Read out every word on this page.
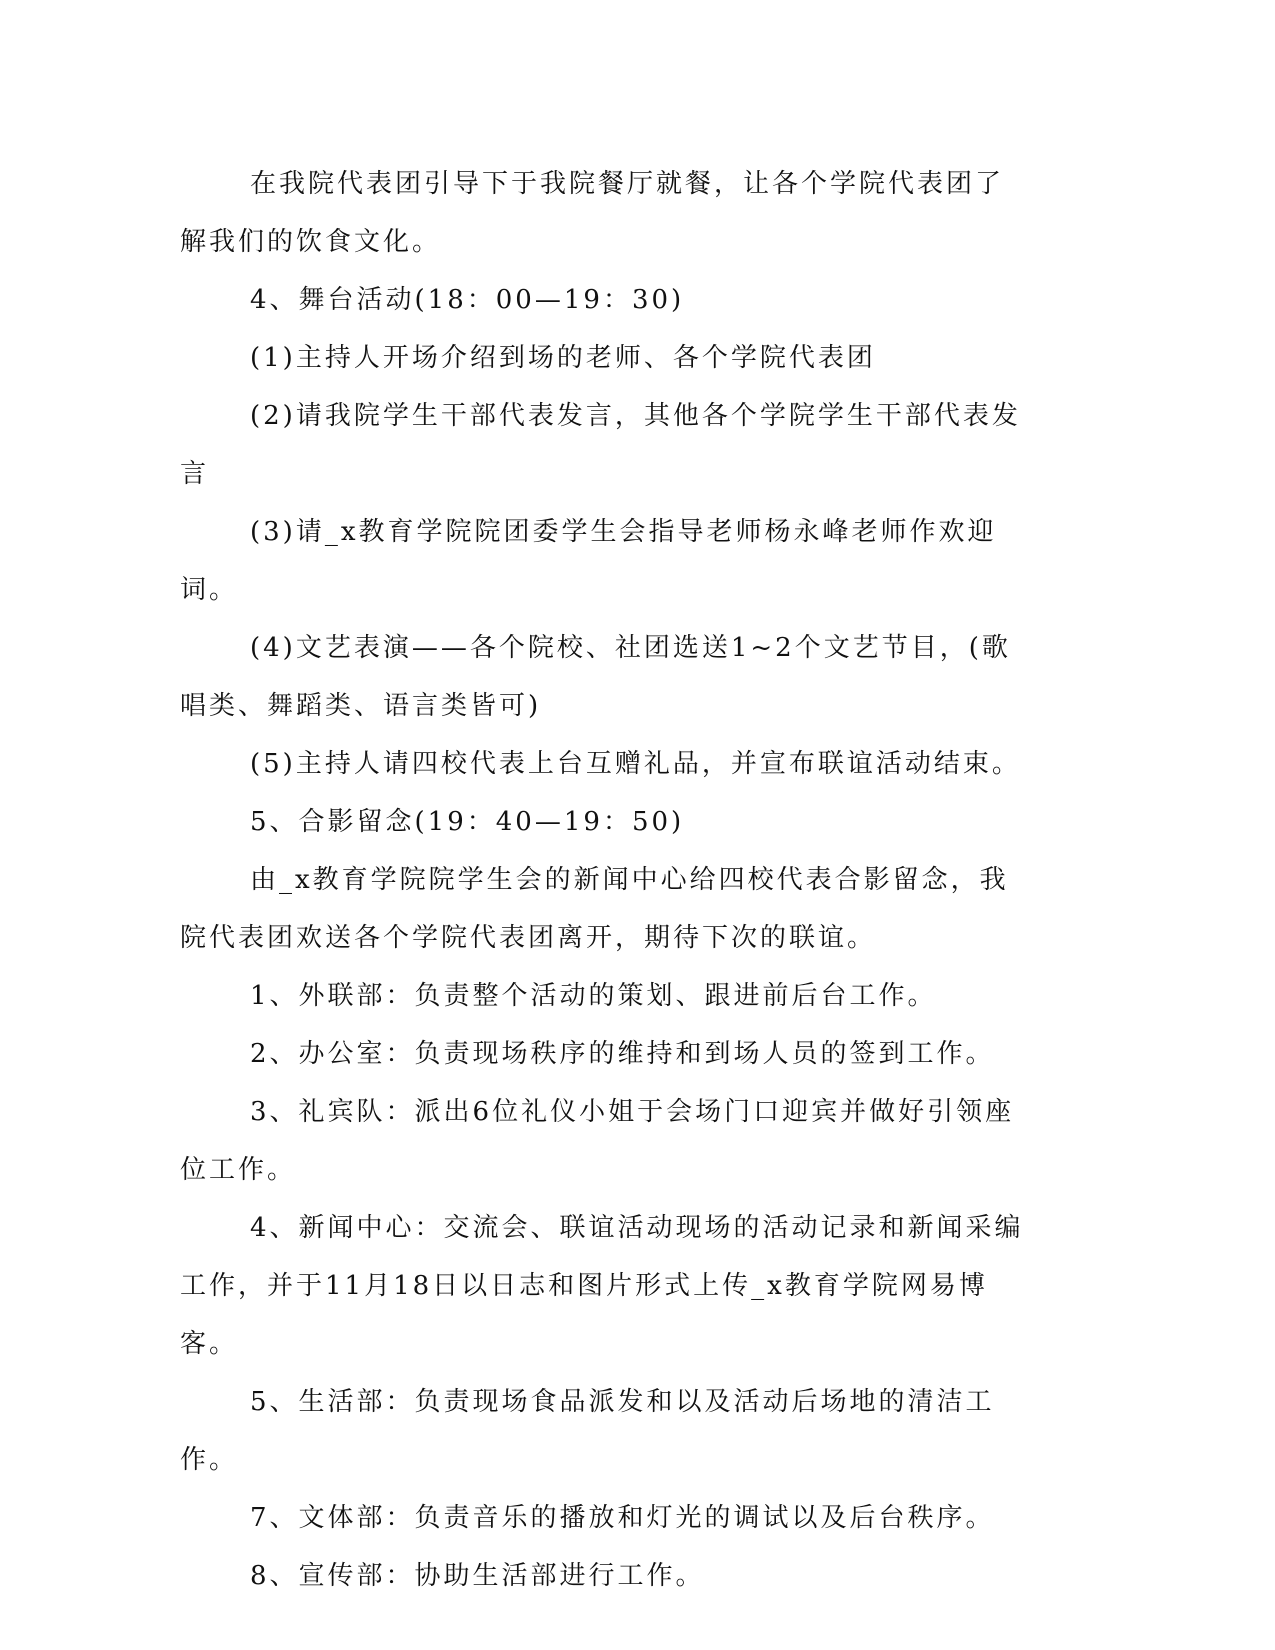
在我院代表团引导下于我院餐厅就餐，让各个学院代表团了解我们的饮食文化。

4、舞台活动(18：00—19：30)

(1)主持人开场介绍到场的老师、各个学院代表团

(2)请我院学生干部代表发言，其他各个学院学生干部代表发言

(3)请_x教育学院院团委学生会指导老师杨永峰老师作欢迎词。

(4)文艺表演——各个院校、社团选送1~2个文艺节目，(歌唱类、舞蹈类、语言类皆可)

(5)主持人请四校代表上台互赠礼品，并宣布联谊活动结束。

5、合影留念(19：40—19：50)

由_x教育学院院学生会的新闻中心给四校代表合影留念，我院代表团欢送各个学院代表团离开，期待下次的联谊。

1、外联部：负责整个活动的策划、跟进前后台工作。

2、办公室：负责现场秩序的维持和到场人员的签到工作。

3、礼宾队：派出6位礼仪小姐于会场门口迎宾并做好引领座位工作。

4、新闻中心：交流会、联谊活动现场的活动记录和新闻采编工作，并于11月18日以日志和图片形式上传_x教育学院网易博客。

5、生活部：负责现场食品派发和以及活动后场地的清洁工作。

7、文体部：负责音乐的播放和灯光的调试以及后台秩序。

8、宣传部：协助生活部进行工作。
